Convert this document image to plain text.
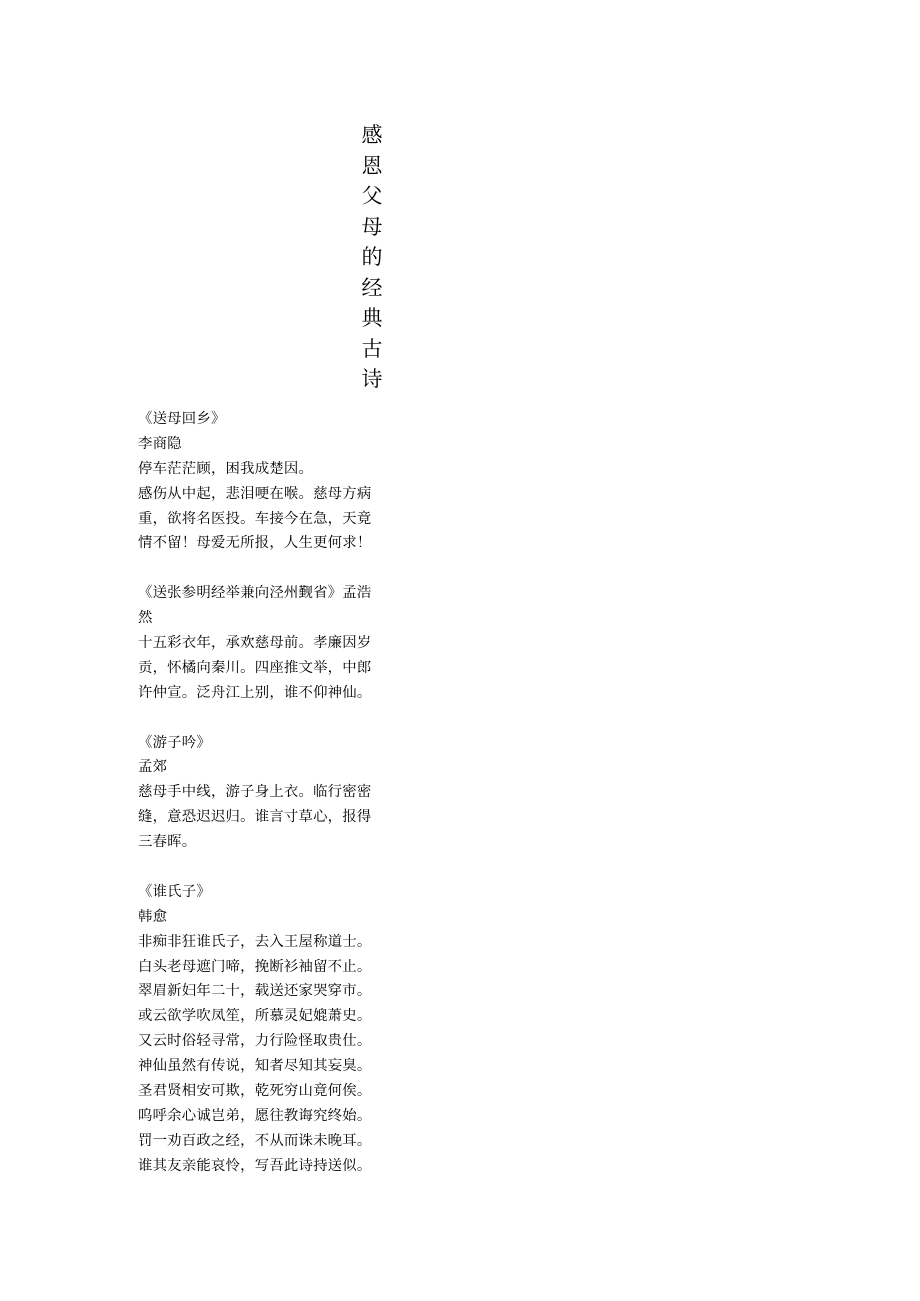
感恩父母的经典古诗
《送母回乡》
李商隐
停车茫茫顾，困我成楚因。
感伤从中起，悲泪哽在喉。慈母方病
重，欲将名医投。车接今在急，天竟
情不留！母爱无所报，人生更何求！
《送张参明经举兼向泾州觐省》孟浩
然
十五彩衣年，承欢慈母前。孝廉因岁
贡，怀橘向秦川。四座推文举，中郎
许仲宣。泛舟江上别，谁不仰神仙。
《游子吟》
孟郊
慈母手中线，游子身上衣。临行密密
缝，意恐迟迟归。谁言寸草心，报得
三春晖。
《谁氏子》
韩愈
非痴非狂谁氏子，去入王屋称道士。
白头老母遮门啼，挽断衫袖留不止。
翠眉新妇年二十，载送还家哭穿市。
或云欲学吹凤笙，所慕灵妃媲萧史。
又云时俗轻寻常，力行险怪取贵仕。
神仙虽然有传说，知者尽知其妄臭。
圣君贤相安可欺，乾死穷山竟何俟。
呜呼余心诚岂弟，愿往教诲究终始。
罚一劝百政之经，不从而诛未晚耳。
谁其友亲能哀怜，写吾此诗持送似。
